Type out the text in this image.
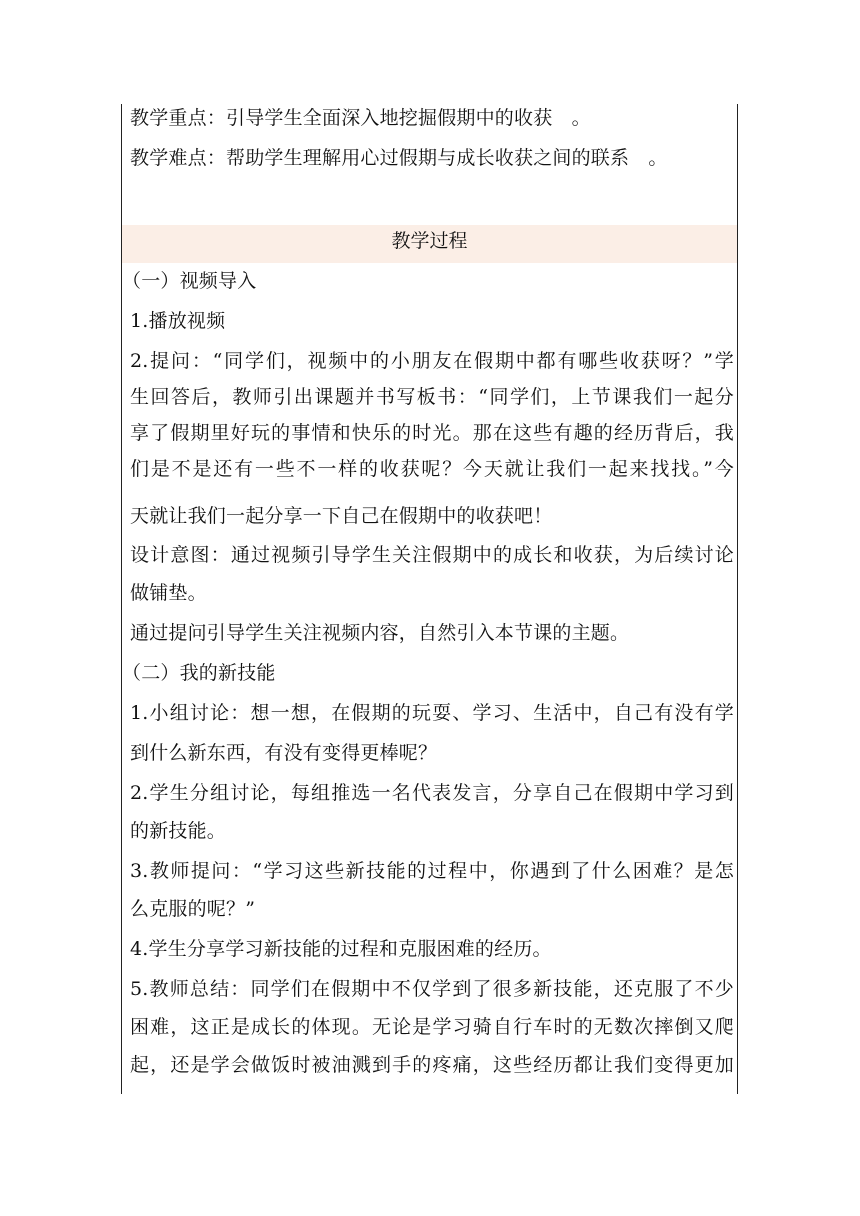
教学重点：引导学生全面深入地挖掘假期中的收获　。
教学难点：帮助学生理解用心过假期与成长收获之间的联系　。
教学过程
（一）视频导入
1.播放视频
2.提问：“同学们，视频中的小朋友在假期中都有哪些收获呀？”学
生回答后，教师引出课题并书写板书：“同学们，上节课我们一起分
享了假期里好玩的事情和快乐的时光。那在这些有趣的经历背后，我
们是不是还有一些不一样的收获呢？今天就让我们一起来找找。”今
天就让我们一起分享一下自己在假期中的收获吧！
设计意图：通过视频引导学生关注假期中的成长和收获，为后续讨论
做铺垫。
通过提问引导学生关注视频内容，自然引入本节课的主题。
（二）我的新技能
1.小组讨论：想一想，在假期的玩耍、学习、生活中，自己有没有学
到什么新东西，有没有变得更棒呢？
2.学生分组讨论，每组推选一名代表发言，分享自己在假期中学习到
的新技能。
3.教师提问：“学习这些新技能的过程中，你遇到了什么困难？是怎
么克服的呢？”
4.学生分享学习新技能的过程和克服困难的经历。
5.教师总结：同学们在假期中不仅学到了很多新技能，还克服了不少
困难，这正是成长的体现。无论是学习骑自行车时的无数次摔倒又爬
起，还是学会做饭时被油溅到手的疼痛，这些经历都让我们变得更加
